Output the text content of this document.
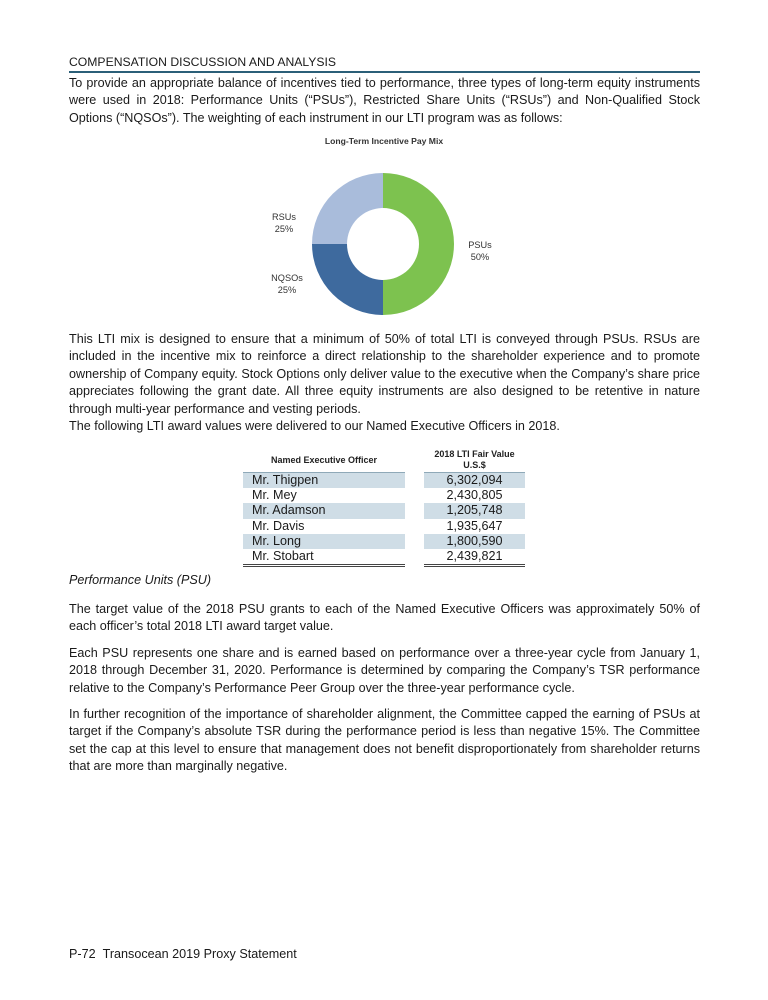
COMPENSATION DISCUSSION AND ANALYSIS

To provide an appropriate balance of incentives tied to performance, three types of long-term equity instruments were used in 2018: Performance Units (“PSUs”), Restricted Share Units (“RSUs”) and Non-Qualified Stock Options (“NQSOs”). The weighting of each instrument in our LTI program was as follows:

Long-Term Incentive Pay Mix
RSUs
25%
PSUs
50%
NQSOs
25%

This LTI mix is designed to ensure that a minimum of 50% of total LTI is conveyed through PSUs. RSUs are included in the incentive mix to reinforce a direct relationship to the shareholder experience and to promote ownership of Company equity. Stock Options only deliver value to the executive when the Company’s share price appreciates following the grant date. All three equity instruments are also designed to be retentive in nature through multi-year performance and vesting periods.

The following LTI award values were delivered to our Named Executive Officers in 2018.

Named Executive Officer		2018 LTI Fair Value
U.S.$

Mr. Thigpen		6,302,094
Mr. Mey		2,430,805
Mr. Adamson		1,205,748
Mr. Davis		1,935,647
Mr. Long		1,800,590
Mr. Stobart		2,439,821

Performance Units (PSU)

The target value of the 2018 PSU grants to each of the Named Executive Officers was approximately 50% of each officer’s total 2018 LTI award target value.

Each PSU represents one share and is earned based on performance over a three-year cycle from January 1, 2018 through December 31, 2020. Performance is determined by comparing the Company’s TSR performance relative to the Company’s Performance Peer Group over the three-year performance cycle.

In further recognition of the importance of shareholder alignment, the Committee capped the earning of PSUs at target if the Company’s absolute TSR during the performance period is less than negative 15%. The Committee set the cap at this level to ensure that management does not benefit disproportionately from shareholder returns that are more than marginally negative.

P-72 Transocean 2019 Proxy Statement
